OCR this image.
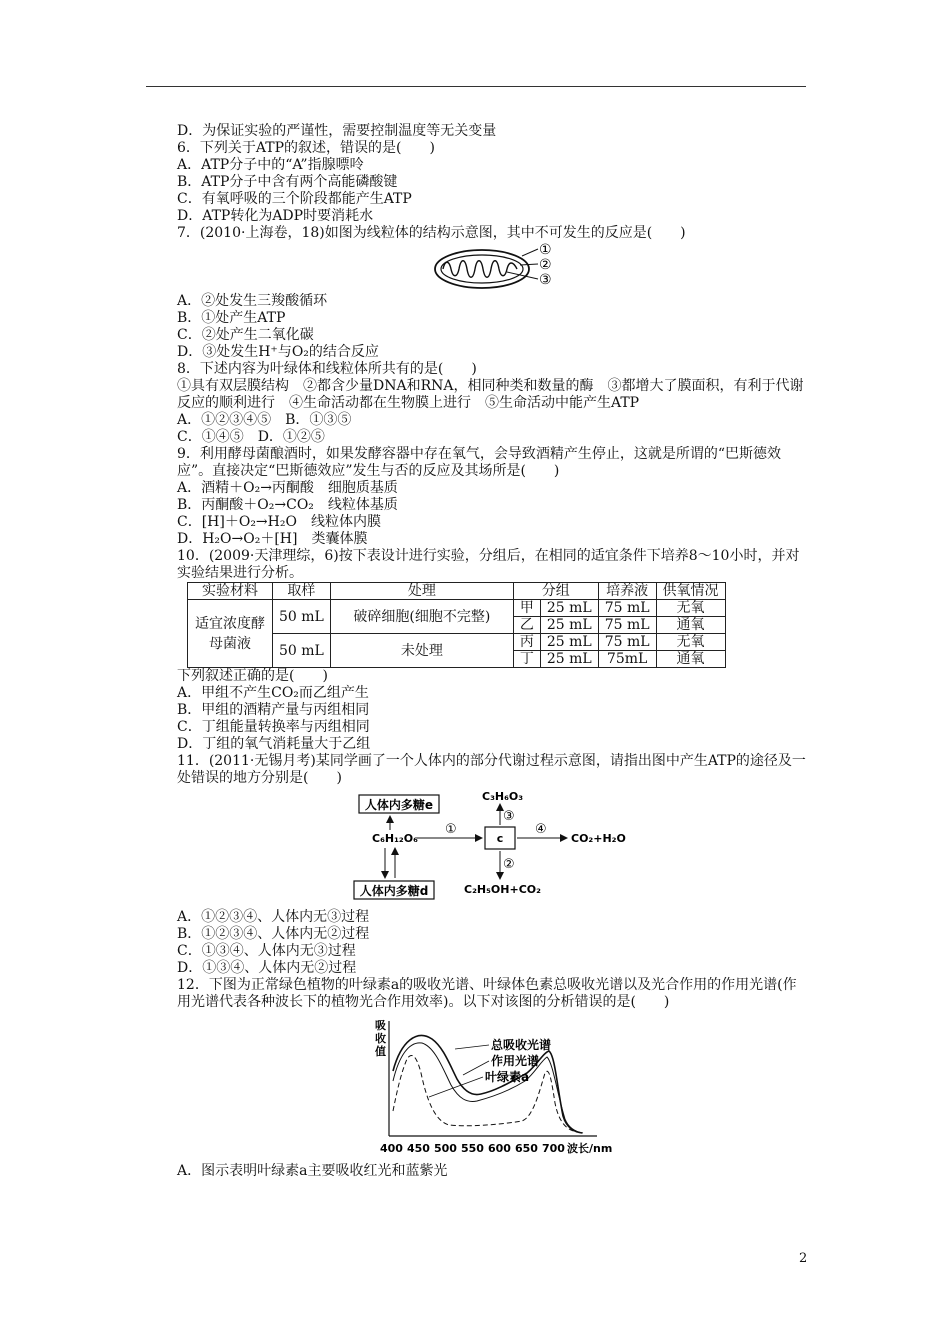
D．为保证实验的严谨性，需要控制温度等无关变量
6．下列关于ATP的叙述，错误的是(　　)
A．ATP分子中的“A”指腺嘌呤
B．ATP分子中含有两个高能磷酸键
C．有氧呼吸的三个阶段都能产生ATP
D．ATP转化为ADP时要消耗水
7．(2010·上海卷，18)如图为线粒体的结构示意图，其中不可发生的反应是(　　)
①
②
③
A．②处发生三羧酸循环
B．①处产生ATP
C．②处产生二氧化碳
D．③处发生H⁺与O₂的结合反应
8．下述内容为叶绿体和线粒体所共有的是(　　)
①具有双层膜结构　②都含少量DNA和RNA，相同种类和数量的酶　③都增大了膜面积，有利于代谢反应的顺利进行　④生命活动都在生物膜上进行　⑤生命活动中能产生ATP
A．①②③④⑤　B．①③⑤
C．①④⑤　D．①②⑤
9．利用酵母菌酿酒时，如果发酵容器中存在氧气，会导致酒精产生停止，这就是所谓的“巴斯德效应”。直接决定“巴斯德效应”发生与否的反应及其场所是(　　)
A．酒精＋O₂→丙酮酸　细胞质基质
B．丙酮酸＋O₂→CO₂　线粒体基质
C．[H]＋O₂→H₂O　线粒体内膜
D．H₂O→O₂＋[H]　类囊体膜
10．(2009·天津理综，6)按下表设计进行实验，分组后，在相同的适宜条件下培养8～10小时，并对实验结果进行分析。
实验材料	取样	处理	分组		培养液	供氧情况
适宜浓度酵母菌液	50 mL	破碎细胞(细胞不完整)	甲	25 mL	75 mL	无氧
			乙	25 mL	75 mL	通氧
	50 mL	未处理	丙	25 mL	75 mL	无氧
			丁	25 mL	75mL	通氧
下列叙述正确的是(　　)
A．甲组不产生CO₂而乙组产生
B．甲组的酒精产量与丙组相同
C．丁组能量转换率与丙组相同
D．丁组的氧气消耗量大于乙组
11．(2011·无锡月考)某同学画了一个人体内的部分代谢过程示意图，请指出图中产生ATP的途径及一处错误的地方分别是(　　)
人体内多糖e
人体内多糖d
C₆H₁₂O₆
①
c
③
C₃H₆O₃
④
CO₂+H₂O
②
C₂H₅OH+CO₂
A．①②③④、人体内无③过程
B．①②③④、人体内无②过程
C．①③④、人体内无③过程
D．①③④、人体内无②过程
12．下图为正常绿色植物的叶绿素a的吸收光谱、叶绿体色素总吸收光谱以及光合作用的作用光谱(作用光谱代表各种波长下的植物光合作用效率)。以下对该图的分析错误的是(　　)
吸
收
值	总吸收光谱
作用光谱
叶绿素a
400 450 500 550 600 650 700 波长/nm
A．图示表明叶绿素a主要吸收红光和蓝紫光
2
